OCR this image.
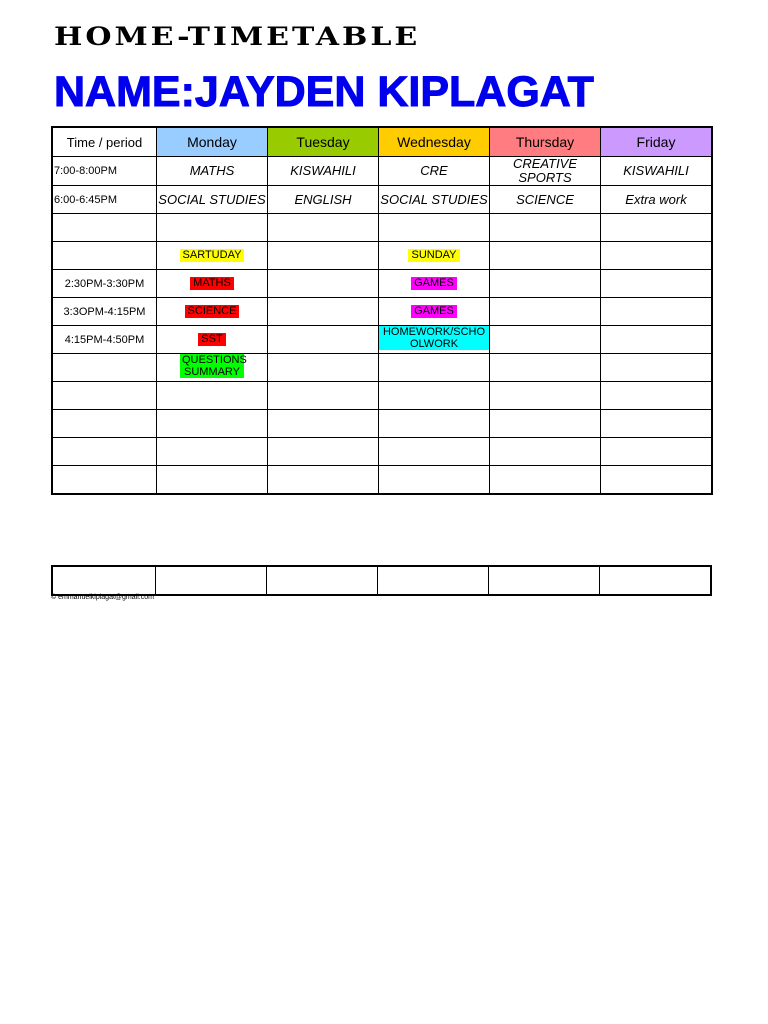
HOME-TIMETABLE
NAME:JAYDEN KIPLAGAT
Time / period	Monday	Tuesday	Wednesday	Thursday	Friday
7:00-8:00PM	MATHS	KISWAHILI	CRE	CREATIVE SPORTS	KISWAHILI
6:00-6:45PM	SOCIAL STUDIES	ENGLISH	SOCIAL STUDIES	SCIENCE	Extra work

	SARTUDAY		SUNDAY		
2:30PM-3:30PM	MATHS		GAMES		
3:3OPM-4:15PM	SCIENCE		GAMES		
4:15PM-4:50PM	SST		HOMEWORK/SCHOOLWORK		
	QUESTIONS SUMMARY				

© emmanuelkiplagat@gmail.com
